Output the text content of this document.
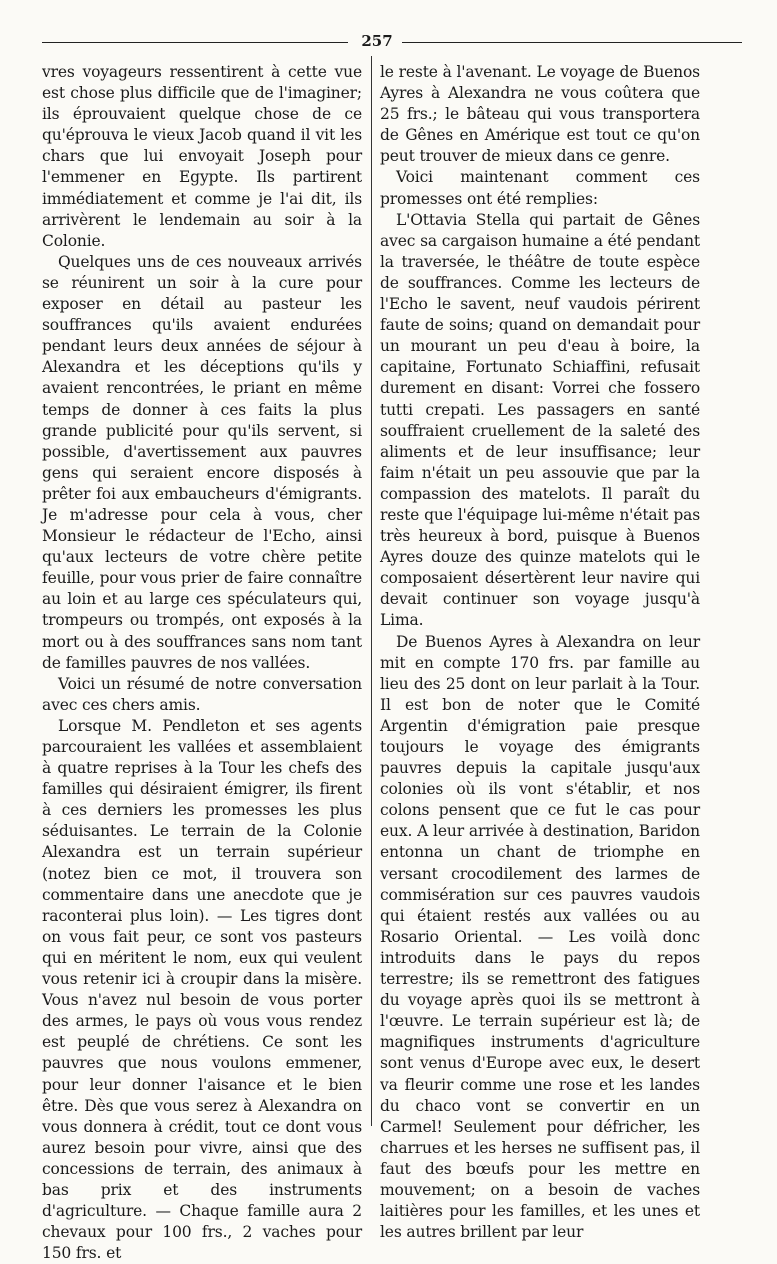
257

vres voyageurs ressentirent à cette vue est chose plus difficile que de l'imaginer; ils éprouvaient quelque chose de ce qu'éprouva le vieux Jacob quand il vit les chars que lui envoyait Joseph pour l'emmener en Egypte. Ils partirent immédiatement et comme je l'ai dit, ils arrivèrent le lendemain au soir à la Colonie.

Quelques uns de ces nouveaux arrivés se réunirent un soir à la cure pour exposer en détail au pasteur les souffrances qu'ils avaient endurées pendant leurs deux années de séjour à Alexandra et les déceptions qu'ils y avaient rencontrées, le priant en même temps de donner à ces faits la plus grande publicité pour qu'ils servent, si possible, d'avertissement aux pauvres gens qui seraient encore disposés à prêter foi aux embaucheurs d'émigrants. Je m'adresse pour cela à vous, cher Monsieur le rédacteur de l'Echo, ainsi qu'aux lecteurs de votre chère petite feuille, pour vous prier de faire connaître au loin et au large ces spéculateurs qui, trompeurs ou trompés, ont exposés à la mort ou à des souffrances sans nom tant de familles pauvres de nos vallées.

Voici un résumé de notre conversation avec ces chers amis.

Lorsque M. Pendleton et ses agents parcouraient les vallées et assemblaient à quatre reprises à la Tour les chefs des familles qui désiraient émigrer, ils firent à ces derniers les promesses les plus séduisantes. Le terrain de la Colonie Alexandra est un terrain supérieur (notez bien ce mot, il trouvera son commentaire dans une anecdote que je raconterai plus loin). — Les tigres dont on vous fait peur, ce sont vos pasteurs qui en méritent le nom, eux qui veulent vous retenir ici à croupir dans la misère. Vous n'avez nul besoin de vous porter des armes, le pays où vous vous rendez est peuplé de chrétiens. Ce sont les pauvres que nous voulons emmener, pour leur donner l'aisance et le bien être. Dès que vous serez à Alexandra on vous donnera à crédit, tout ce dont vous aurez besoin pour vivre, ainsi que des concessions de terrain, des animaux à bas prix et des instruments d'agriculture. — Chaque famille aura 2 chevaux pour 100 frs., 2 vaches pour 150 frs. et

le reste à l'avenant. Le voyage de Buenos Ayres à Alexandra ne vous coûtera que 25 frs.; le bâteau qui vous transportera de Gênes en Amérique est tout ce qu'on peut trouver de mieux dans ce genre.

Voici maintenant comment ces promesses ont été remplies:

L'Ottavia Stella qui partait de Gênes avec sa cargaison humaine a été pendant la traversée, le théâtre de toute espèce de souffrances. Comme les lecteurs de l'Echo le savent, neuf vaudois périrent faute de soins; quand on demandait pour un mourant un peu d'eau à boire, la capitaine, Fortunato Schiaffini, refusait durement en disant: Vorrei che fossero tutti crepati. Les passagers en santé souffraient cruellement de la saleté des aliments et de leur insuffisance; leur faim n'était un peu assouvie que par la compassion des matelots. Il paraît du reste que l'équipage lui-même n'était pas très heureux à bord, puisque à Buenos Ayres douze des quinze matelots qui le composaient désertèrent leur navire qui devait continuer son voyage jusqu'à Lima.

De Buenos Ayres à Alexandra on leur mit en compte 170 frs. par famille au lieu des 25 dont on leur parlait à la Tour. Il est bon de noter que le Comité Argentin d'émigration paie presque toujours le voyage des émigrants pauvres depuis la capitale jusqu'aux colonies où ils vont s'établir, et nos colons pensent que ce fut le cas pour eux. A leur arrivée à destination, Baridon entonna un chant de triomphe en versant crocodilement des larmes de commisération sur ces pauvres vaudois qui étaient restés aux vallées ou au Rosario Oriental. — Les voilà donc introduits dans le pays du repos terrestre; ils se remettront des fatigues du voyage après quoi ils se mettront à l'œuvre. Le terrain supérieur est là; de magnifiques instruments d'agriculture sont venus d'Europe avec eux, le desert va fleurir comme une rose et les landes du chaco vont se convertir en un Carmel! Seulement pour défricher, les charrues et les herses ne suffisent pas, il faut des bœufs pour les mettre en mouvement; on a besoin de vaches laitières pour les familles, et les unes et les autres brillent par leur
